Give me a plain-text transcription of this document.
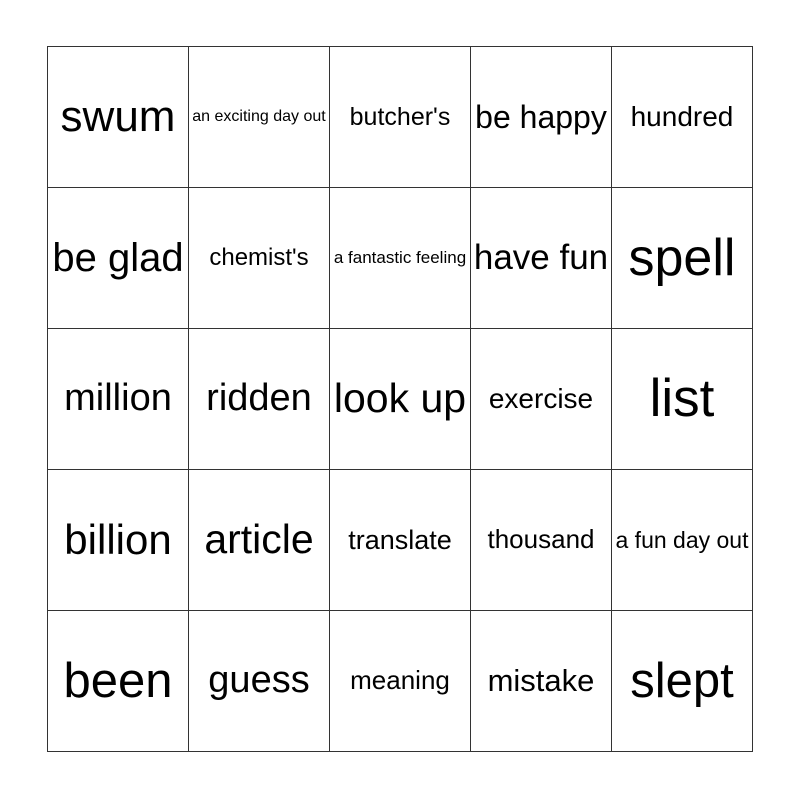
swum an exciting day out butcher's be happy hundred
be glad chemist's a fantastic feeling have fun spell
million ridden look up exercise list
billion article translate thousand a fun day out
been guess meaning mistake slept
